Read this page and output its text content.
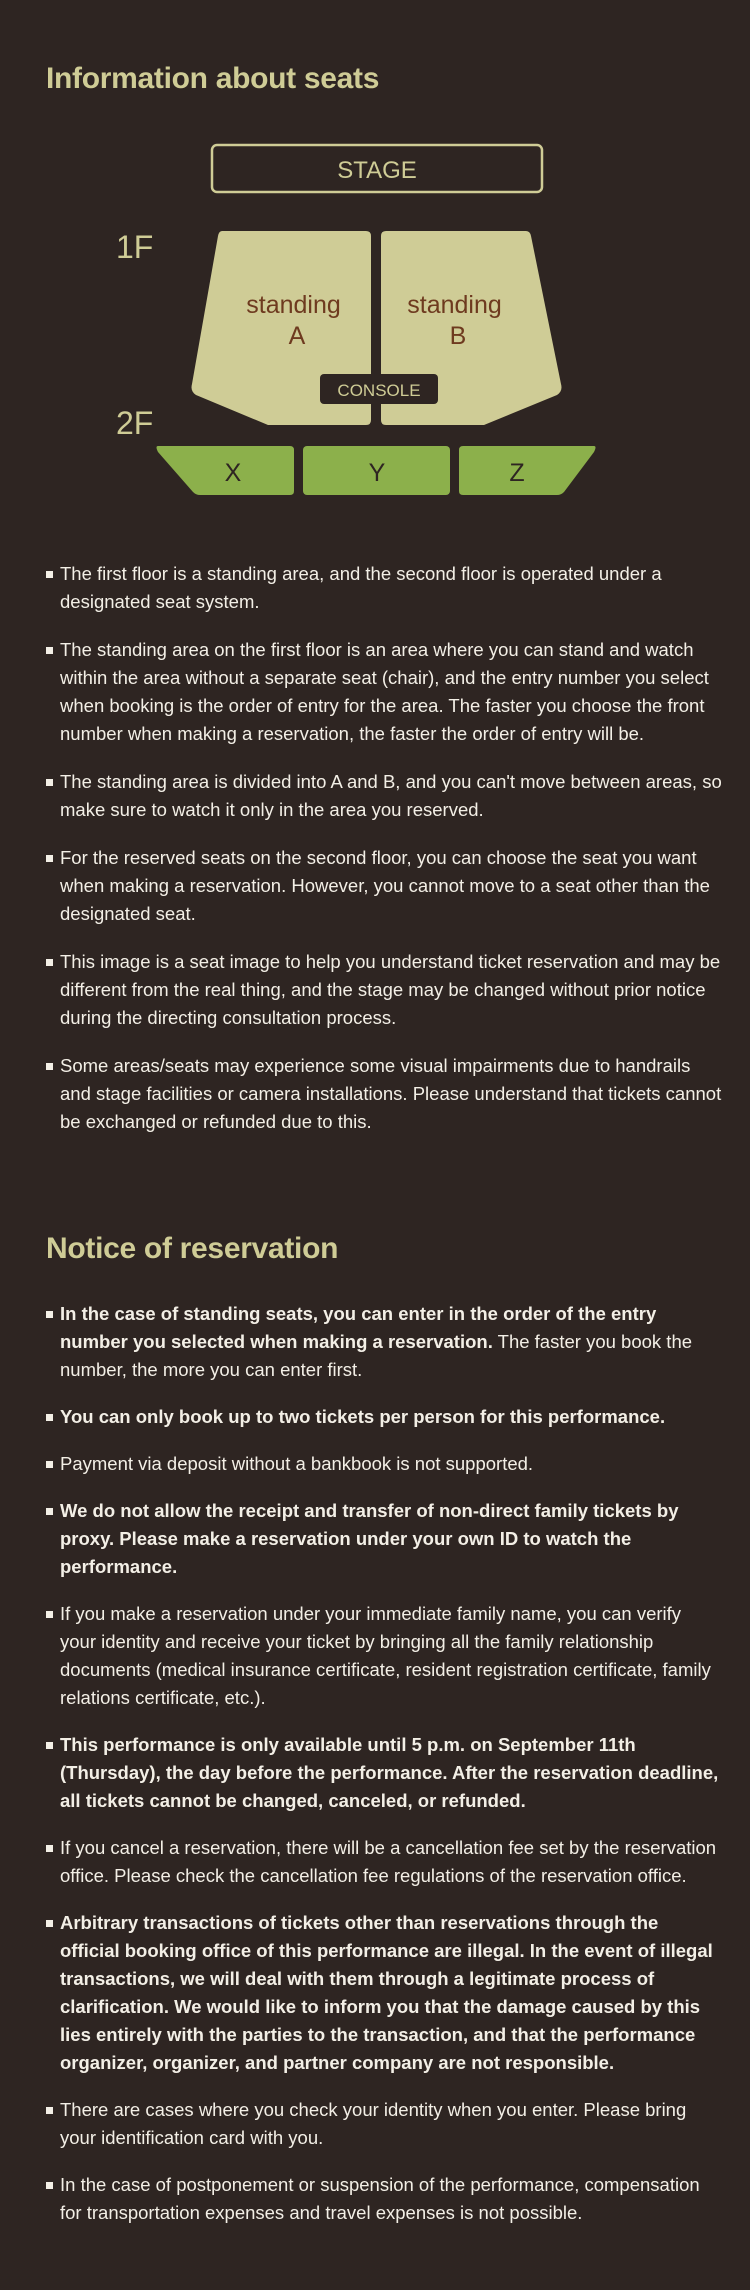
Information about seats
STAGE
1F
2F
standing A
standing B
CONSOLE
X	Y	Z
The first floor is a standing area, and the second floor is operated under a designated seat system.
The standing area on the first floor is an area where you can stand and watch within the area without a separate seat (chair), and the entry number you select when booking is the order of entry for the area. The faster you choose the front number when making a reservation, the faster the order of entry will be.
The standing area is divided into A and B, and you can't move between areas, so make sure to watch it only in the area you reserved.
For the reserved seats on the second floor, you can choose the seat you want when making a reservation. However, you cannot move to a seat other than the designated seat.
This image is a seat image to help you understand ticket reservation and may be different from the real thing, and the stage may be changed without prior notice during the directing consultation process.
Some areas/seats may experience some visual impairments due to handrails and stage facilities or camera installations. Please understand that tickets cannot be exchanged or refunded due to this.
Notice of reservation
In the case of standing seats, you can enter in the order of the entry number you selected when making a reservation. The faster you book the number, the more you can enter first.
You can only book up to two tickets per person for this performance.
Payment via deposit without a bankbook is not supported.
We do not allow the receipt and transfer of non-direct family tickets by proxy. Please make a reservation under your own ID to watch the performance.
If you make a reservation under your immediate family name, you can verify your identity and receive your ticket by bringing all the family relationship documents (medical insurance certificate, resident registration certificate, family relations certificate, etc.).
This performance is only available until 5 p.m. on September 11th (Thursday), the day before the performance. After the reservation deadline, all tickets cannot be changed, canceled, or refunded.
If you cancel a reservation, there will be a cancellation fee set by the reservation office. Please check the cancellation fee regulations of the reservation office.
Arbitrary transactions of tickets other than reservations through the official booking office of this performance are illegal. In the event of illegal transactions, we will deal with them through a legitimate process of clarification. We would like to inform you that the damage caused by this lies entirely with the parties to the transaction, and that the performance organizer, organizer, and partner company are not responsible.
There are cases where you check your identity when you enter. Please bring your identification card with you.
In the case of postponement or suspension of the performance, compensation for transportation expenses and travel expenses is not possible.
